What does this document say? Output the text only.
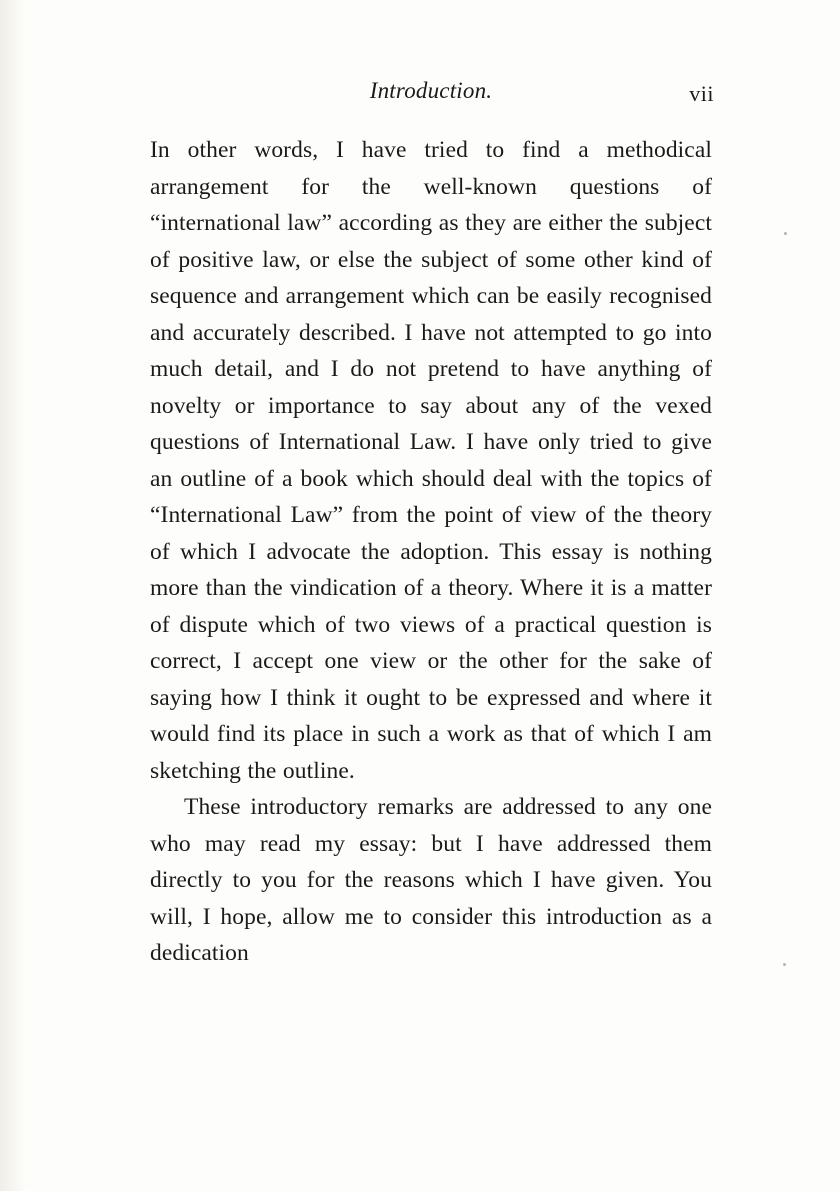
Introduction.	vii

In other words, I have tried to find a methodical arrangement for the well-known questions of “international law” according as they are either the subject of positive law, or else the subject of some other kind of sequence and arrangement which can be easily recognised and accurately described. I have not attempted to go into much detail, and I do not pretend to have anything of novelty or importance to say about any of the vexed questions of International Law. I have only tried to give an outline of a book which should deal with the topics of “International Law” from the point of view of the theory of which I advocate the adoption. This essay is nothing more than the vindication of a theory. Where it is a matter of dispute which of two views of a practical question is correct, I accept one view or the other for the sake of saying how I think it ought to be expressed and where it would find its place in such a work as that of which I am sketching the outline.

These introductory remarks are addressed to any one who may read my essay: but I have addressed them directly to you for the reasons which I have given. You will, I hope, allow me to consider this introduction as a dedication
